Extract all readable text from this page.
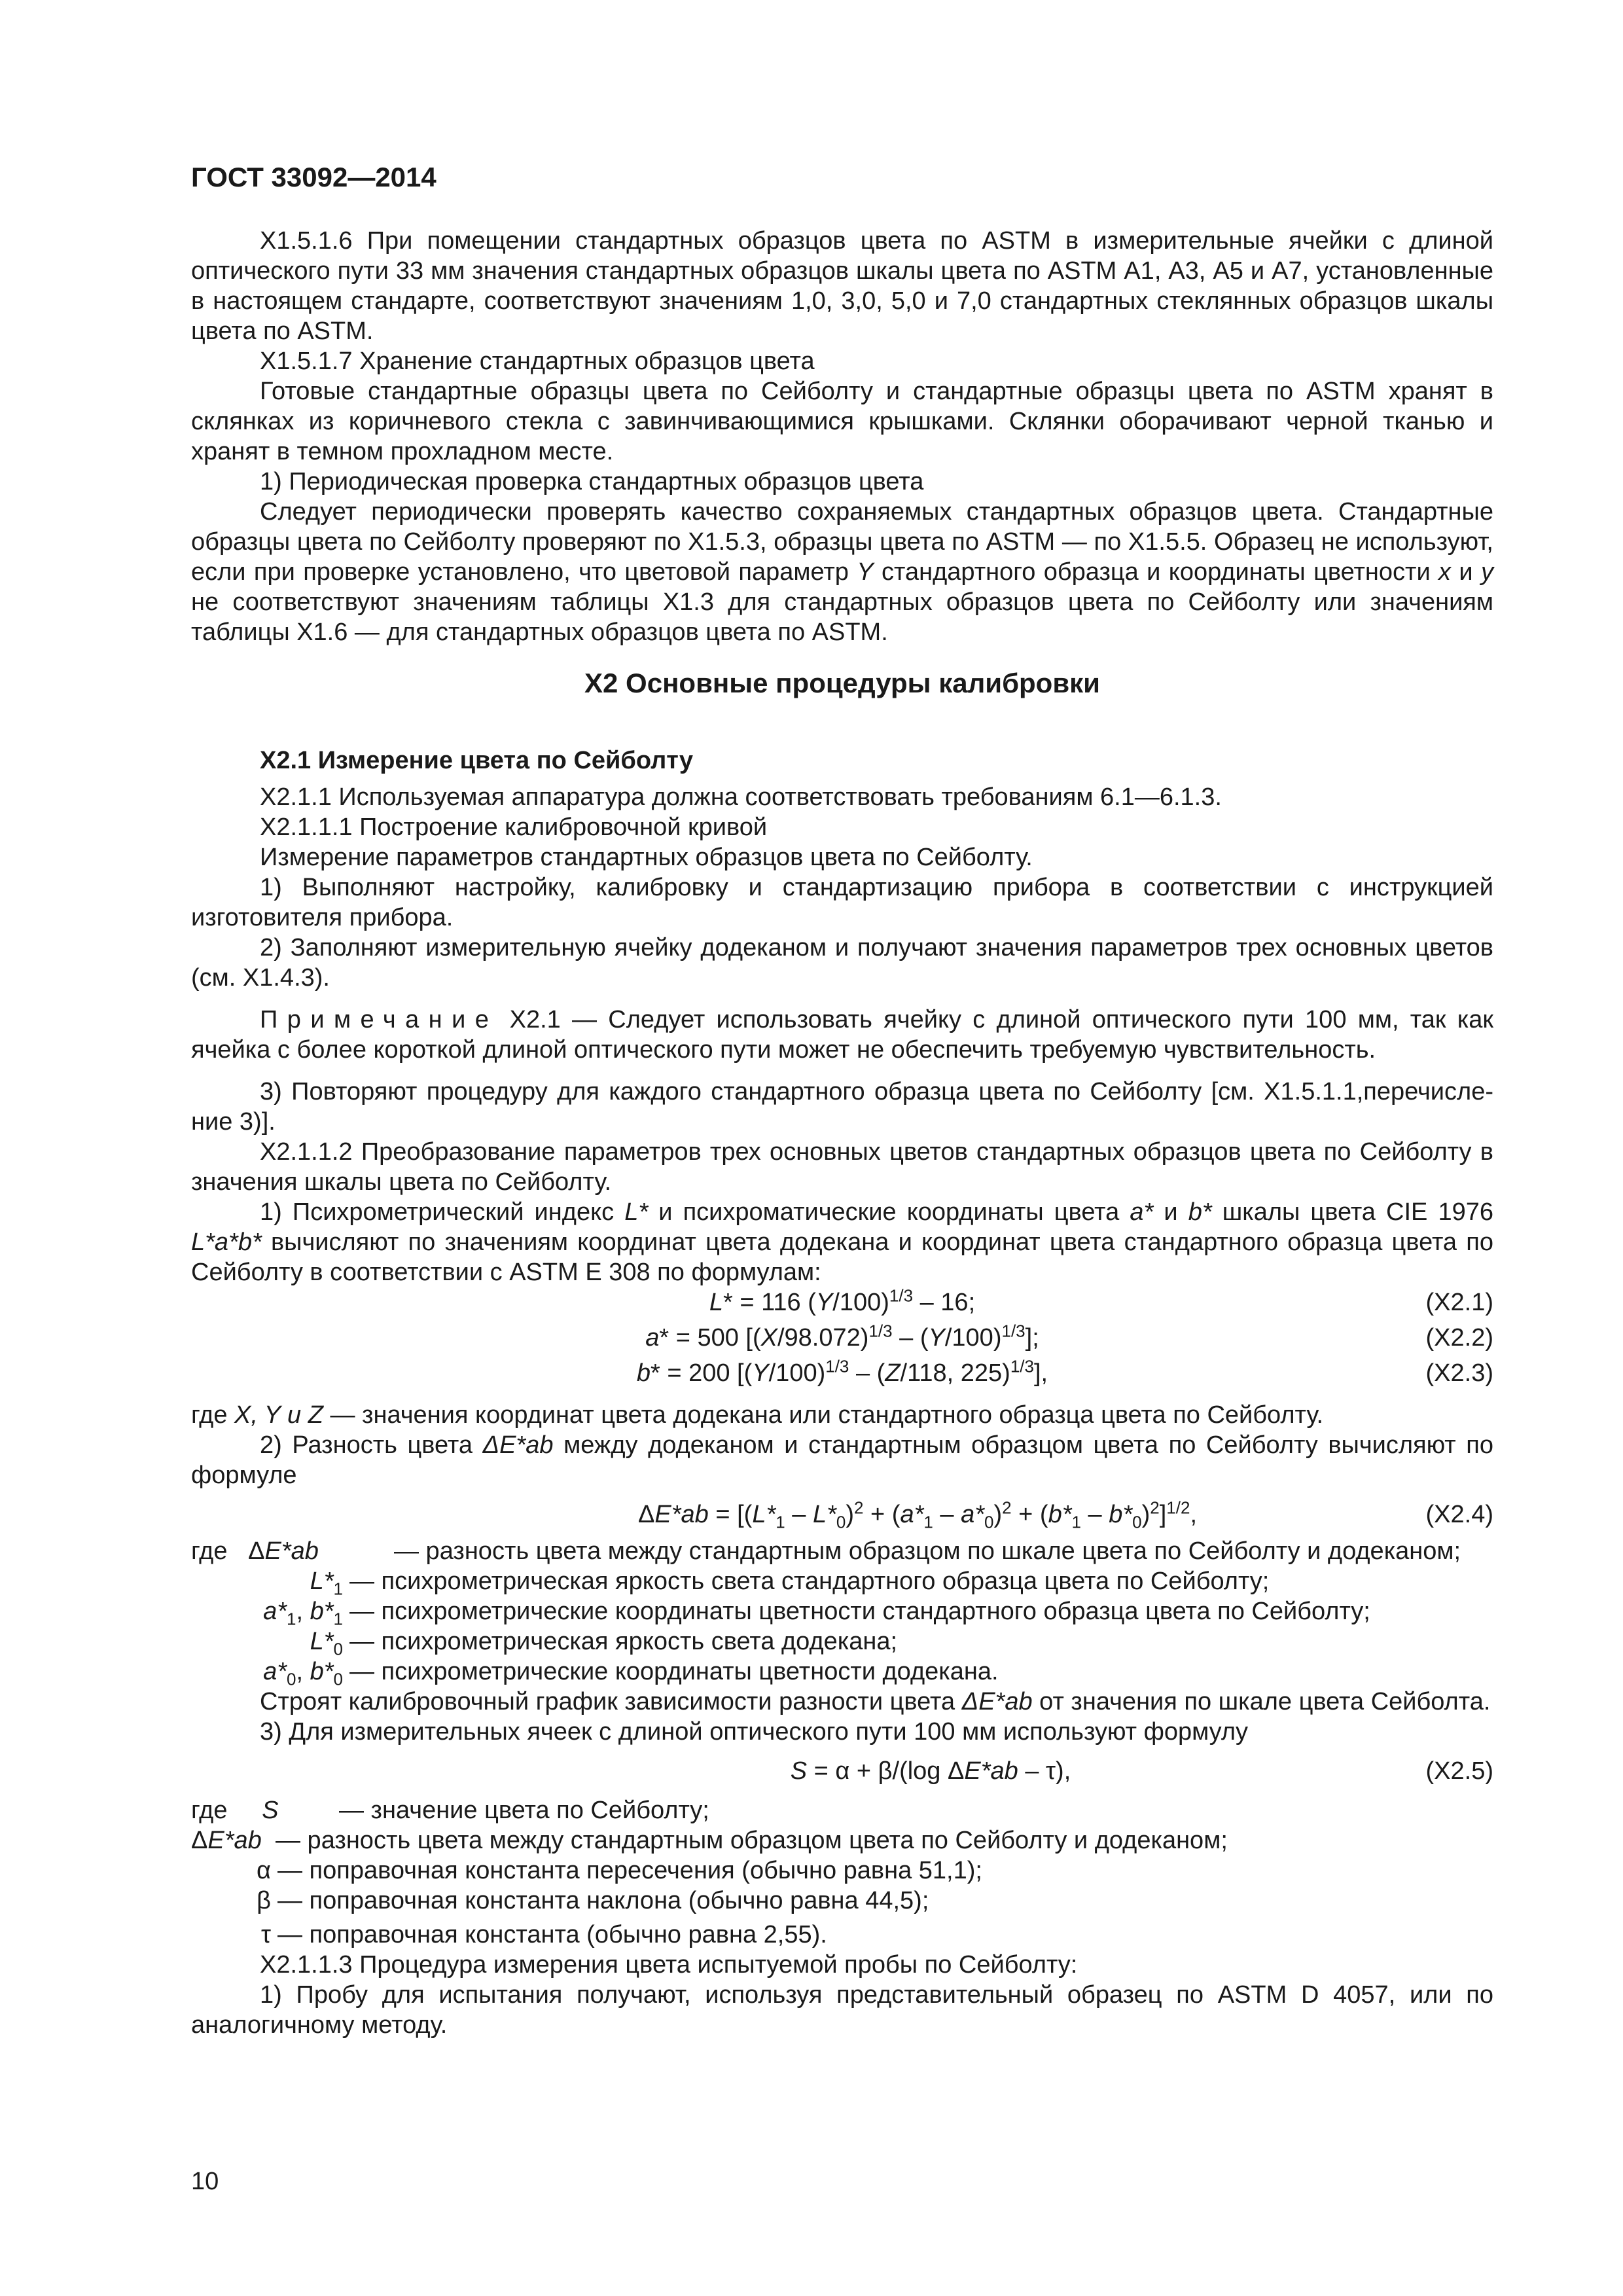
ГОСТ 33092—2014
X1.5.1.6 При помещении стандартных образцов цвета по ASTM в измерительные ячейки с длиной оптического пути 33 мм значения стандартных образцов шкалы цвета по ASTM А1, А3, А5 и А7, установленные в настоящем стандарте, соответствуют значениям 1,0, 3,0, 5,0 и 7,0 стандартных стеклянных образцов шкалы цвета по ASTM.
X1.5.1.7 Хранение стандартных образцов цвета
Готовые стандартные образцы цвета по Сейболту и стандартные образцы цвета по ASTM хранят в склянках из коричневого стекла с завинчивающимися крышками. Склянки оборачивают черной тканью и хранят в темном прохладном месте.
1) Периодическая проверка стандартных образцов цвета
Следует периодически проверять качество сохраняемых стандартных образцов цвета. Стандартные образцы цвета по Сейболту проверяют по X1.5.3, образцы цвета по ASTM — по X1.5.5. Образец не используют, если при проверке установлено, что цветовой параметр Y стандартного образца и координаты цветности x и y не соответствуют значениям таблицы X1.3 для стандартных образцов цвета по Сейболту или значениям таблицы X1.6 — для стандартных образцов цвета по ASTM.
X2 Основные процедуры калибровки
X2.1 Измерение цвета по Сейболту
X2.1.1 Используемая аппаратура должна соответствовать требованиям 6.1—6.1.3.
X2.1.1.1 Построение калибровочной кривой
Измерение параметров стандартных образцов цвета по Сейболту.
1) Выполняют настройку, калибровку и стандартизацию прибора в соответствии с инструкцией изготовителя прибора.
2) Заполняют измерительную ячейку додеканом и получают значения параметров трех основных цветов (см. X1.4.3).
Примечание X2.1 — Следует использовать ячейку с длиной оптического пути 100 мм, так как ячейка с более короткой длиной оптического пути может не обеспечить требуемую чувствительность.
3) Повторяют процедуру для каждого стандартного образца цвета по Сейболту [см. X1.5.1.1,перечисление 3)].
X2.1.1.2 Преобразование параметров трех основных цветов стандартных образцов цвета по Сейболту в значения шкалы цвета по Сейболту.
1) Психрометрический индекс L* и психроматические координаты цвета a* и b* шкалы цвета CIE 1976 L*a*b* вычисляют по значениям координат цвета додекана и координат цвета стандартного образца цвета по Сейболту в соответствии с ASTM E 308 по формулам:
L* = 116 $(Y/100)^{1/3} - 16$;	(X2.1)
a* = 500 $[(X/98.072)^{1/3} - (Y/100)^{1/3}]$;	(X2.2)
b* = 200 [$(Y/100)^{1/3} - (Z/118$, 225)$^{1/3}$],	(X2.3)
где X, Y и Z — значения координат цвета додекана или стандартного образца цвета по Сейболту.
2) Разность цвета ΔE*ab между додеканом и стандартным образцом цвета по Сейболту вычисляют по формуле
$\Delta E*ab = [(L*_1 - L*_0)^2 + (a*_1 - a*_0)^2 + (b*_1 - b*_0)^2]^{1/2}$,	(X2.4)
где   ΔE*ab	— разность цвета между стандартным образцом по шкале цвета по Сейболту и додеканом;
$L*_1$ — психрометрическая яркость света стандартного образца цвета по Сейболту;
$a*_1$, $b*_1$ — психрометрические координаты цветности стандартного образца цвета по Сейболту;
$L*_0$ — психрометрическая яркость света додекана;
$a*_0$, $b*_0$ — психрометрические координаты цветности додекана.
Строят калибровочный график зависимости разности цвета ΔE*ab от значения по шкале цвета Сейболта.
3) Для измерительных ячеек с длиной оптического пути 100 мм используют формулу
S = α + β/(log ΔE*ab – τ),	(X2.5)
где S	— значение цвета по Сейболту;
ΔE*ab — разность цвета между стандартным образцом цвета по Сейболту и додеканом;
α — поправочная константа пересечения (обычно равна 51,1);
β — поправочная константа наклона (обычно равна 44,5);
τ — поправочная константа (обычно равна 2,55).
X2.1.1.3 Процедура измерения цвета испытуемой пробы по Сейболту:
1) Пробу для испытания получают, используя представительный образец по ASTM D 4057, или по аналогичному методу.
10
